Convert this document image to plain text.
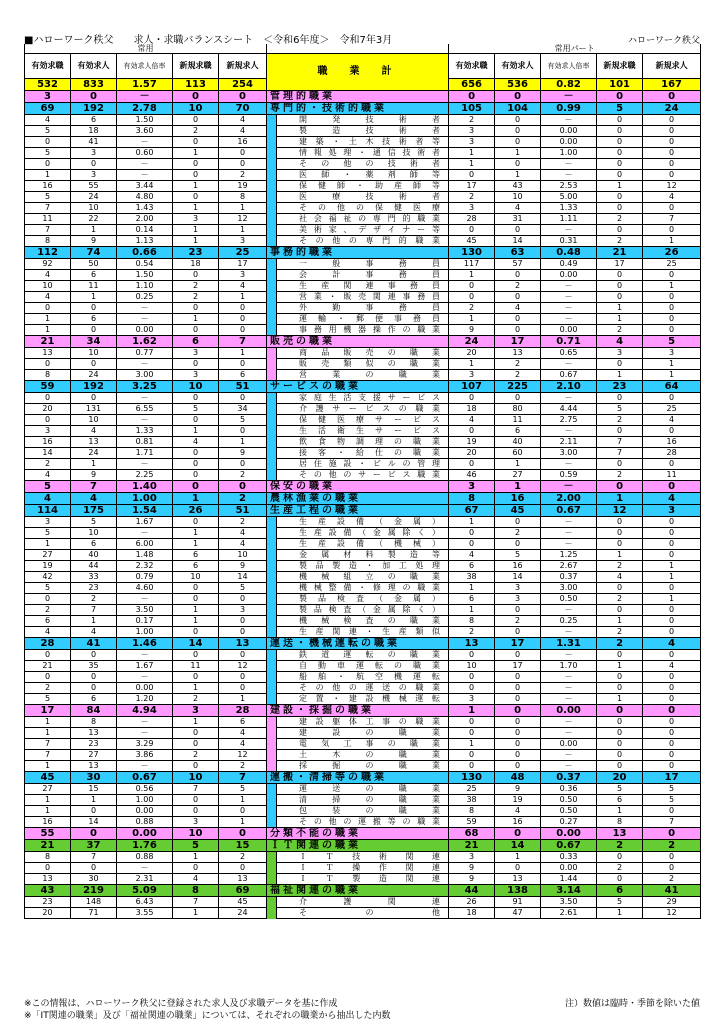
■ハローワーク秩父　　求人・求職バランスシート　＜令和6年度＞　令和7年3月	ハローワーク秩父
常用							常用パート				
有効求職	有効求人	有効求人倍率	新規求職	新規求人	職　業　計		有効求職	有効求人	有効求人倍率	新規求職	新規求人
532	833	1.57	113	254			656	536	0.82	101	167
3	0	－	0	0	管理的職業		0	0	－	0	0
69	192	2.78	10	70	専門的・技術的職業		105	104	0.99	5	24
4	6	1.50	0	4		開発技術者	2	0	－	0	0
5	18	3.60	2	4		製造技術者	3	0	0.00	0	0
0	41	－	0	16		建築・土木技術者等	3	0	0.00	0	0
5	3	0.60	1	0		情報処理・通信技術者	1	1	1.00	0	0
0	0	－	0	0		その他の技術者	1	0	－	0	0
1	3	－	0	2		医師・薬剤師等	0	1	－	0	0
16	55	3.44	1	19		保健師・助産師等	17	43	2.53	1	12
5	24	4.80	0	8		医療技術者	2	10	5.00	0	4
7	10	1.43	1	1		その他の保健医療	3	4	1.33	0	0
11	22	2.00	3	12		社会福祉の専門的職業	28	31	1.11	2	7
7	1	0.14	1	1		美術家、デザイナー等	0	0	－	0	0
8	9	1.13	1	3		その他の専門的職業	45	14	0.31	2	1
112	74	0.66	23	25	事務的職業		130	63	0.48	21	26
92	50	0.54	18	17		一般事務員	117	57	0.49	17	25
4	6	1.50	0	3		会計事務員	1	0	0.00	0	0
10	11	1.10	2	4		生産関連事務員	0	2	－	0	1
4	1	0.25	2	1		営業・販売関連事務員	0	0	－	0	0
0	0	－	0	0		外勤事務員	2	4	－	1	0
1	6	－	1	0		運輸・郵便事務員	1	0	－	1	0
1	0	0.00	0	0		事務用機器操作の職業	9	0	0.00	2	0
21	34	1.62	6	7	販売の職業		24	17	0.71	4	5
13	10	0.77	3	1		商品販売の職業	20	13	0.65	3	3
0	0	－	0	0		販売類似の職業	1	2	－	0	1
8	24	3.00	3	6		営業の職業	3	2	0.67	1	1
59	192	3.25	10	51	サービスの職業		107	225	2.10	23	64
0	0	－	0	0		家庭生活支援サービス	0	0	－	0	0
20	131	6.55	5	34		介護サービスの職業	18	80	4.44	5	25
0	10	－	0	5		保健医療サービス	4	11	2.75	2	4
3	4	1.33	1	0		生活衛生サービス	0	6	－	0	0
16	13	0.81	4	1		飲食物調理の職業	19	40	2.11	7	16
14	24	1.71	0	9		接客・給仕の職業	20	60	3.00	7	28
2	1	－	0	0		居住施設・ビルの管理	0	1	－	0	0
4	9	2.25	0	2		その他のサービス職業	46	27	0.59	2	11
5	7	1.40	0	0	保安の職業		3	1	－	0	0
4	4	1.00	1	2	農林漁業の職業		8	16	2.00	1	4
114	175	1.54	26	51	生産工程の職業		67	45	0.67	12	3
3	5	1.67	0	2		生産設備（金属）	1	0	－	0	0
5	10	－	1	4		生産設備（金属除く）	0	2	－	0	0
1	6	6.00	1	4		生産設備（機械）	0	0	－	0	0
27	40	1.48	6	10		金属材料製造等	4	5	1.25	1	0
19	44	2.32	6	9		製品製造・加工処理	6	16	2.67	2	1
42	33	0.79	10	14		機械組立の職業	38	14	0.37	4	1
5	23	4.60	0	5		機械整備・修理の職業	1	3	3.00	0	0
0	2	－	0	0		製品検査（金属）	6	3	0.50	2	1
2	7	3.50	1	3		製品検査（金属除く）	1	0	－	0	0
6	1	0.17	1	0		機械検査の職業	8	2	0.25	1	0
4	4	1.00	0	0		生産関連・生産類似	2	0	－	2	0
28	41	1.46	14	13	運送・機械運転の職業		13	17	1.31	2	4
0	0	－	0	0		鉄道運転の職業	0	0	－	0	0
21	35	1.67	11	12		自動車運転の職業	10	17	1.70	1	4
0	0	－	0	0		船舶・航空機運転	0	0	－	0	0
2	0	0.00	1	0		その他の運送の職業	0	0	－	0	0
5	6	1.20	2	1		定置・建設機械運転	3	0	－	1	0
17	84	4.94	3	28	建設・採掘の職業		1	0	0.00	0	0
1	8	－	1	6		建設躯体工事の職業	0	0	－	0	0
1	13	－	0	4		建設の職業	0	0	－	0	0
7	23	3.29	0	4		電気工事の職業	1	0	0.00	0	0
7	27	3.86	2	12		土木の職業	0	0	－	0	0
1	13	－	0	2		採掘の職業	0	0	－	0	0
45	30	0.67	10	7	運搬・清掃等の職業		130	48	0.37	20	17
27	15	0.56	7	5		運送の職業	25	9	0.36	5	5
1	1	1.00	0	1		清掃の職業	38	19	0.50	6	5
1	0	0.00	0	0		包装の職業	8	4	0.50	1	0
16	14	0.88	3	1		その他の運搬等の職業	59	16	0.27	8	7
55	0	0.00	10	0	分類不能の職業		68	0	0.00	13	0
21	37	1.76	5	15	ＩＴ関連の職業		21	14	0.67	2	2
8	7	0.88	1	2		ＩＴ技術関連	3	1	0.33	0	0
0	0	－	0	0		ＩＴ操作関連	9	0	0.00	2	0
13	30	2.31	4	13		ＩＴ製造関連	9	13	1.44	0	2
43	219	5.09	8	69	福祉関連の職業		44	138	3.14	6	41
23	148	6.43	7	45		介護関連	26	91	3.50	5	29
20	71	3.55	1	24		その他	18	47	2.61	1	12
※この情報は、ハローワーク秩父に登録された求人及び求職データを基に作成	注）数値は臨時・季節を除いた値
※「IT関連の職業」及び「福祉関連の職業」については、それぞれの職業から抽出した内数
